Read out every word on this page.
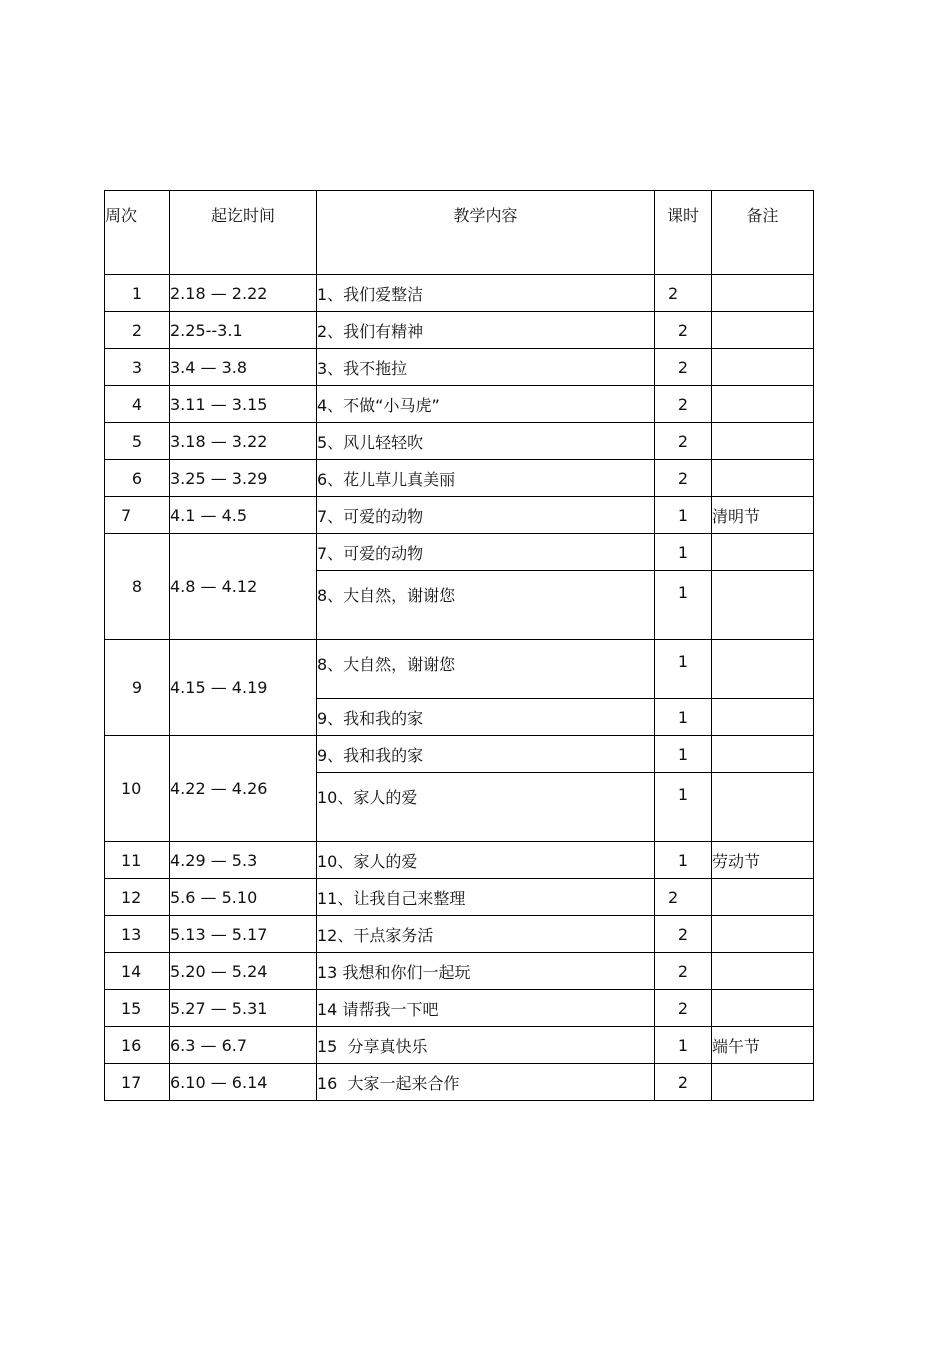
周次	起讫时间	教学内容	课时	备注
1	2.18 — 2.22	1、我们爱整洁	2	
2	2.25--3.1	2、我们有精神	2	
3	3.4 — 3.8	3、我不拖拉	2	
4	3.11 — 3.15	4、不做“小马虎”	2	
5	3.18 — 3.22	5、风儿轻轻吹	2	
6	3.25 — 3.29	6、花儿草儿真美丽	2	
7	4.1 — 4.5	7、可爱的动物	1	清明节
8	4.8 — 4.12	7、可爱的动物	1	
		8、大自然，谢谢您	1	
9	4.15 — 4.19	8、大自然，谢谢您	1	
		9、我和我的家	1	
10	4.22 — 4.26	9、我和我的家	1	
		10、家人的爱	1	
11	4.29 — 5.3	10、家人的爱	1	劳动节
12	5.6 — 5.10	11、让我自己来整理	2	
13	5.13 — 5.17	12、干点家务活	2	
14	5.20 — 5.24	13 我想和你们一起玩	2	
15	5.27 — 5.31	14 请帮我一下吧	2	
16	6.3 — 6.7	15  分享真快乐	1	端午节
17	6.10 — 6.14	16  大家一起来合作	2	
